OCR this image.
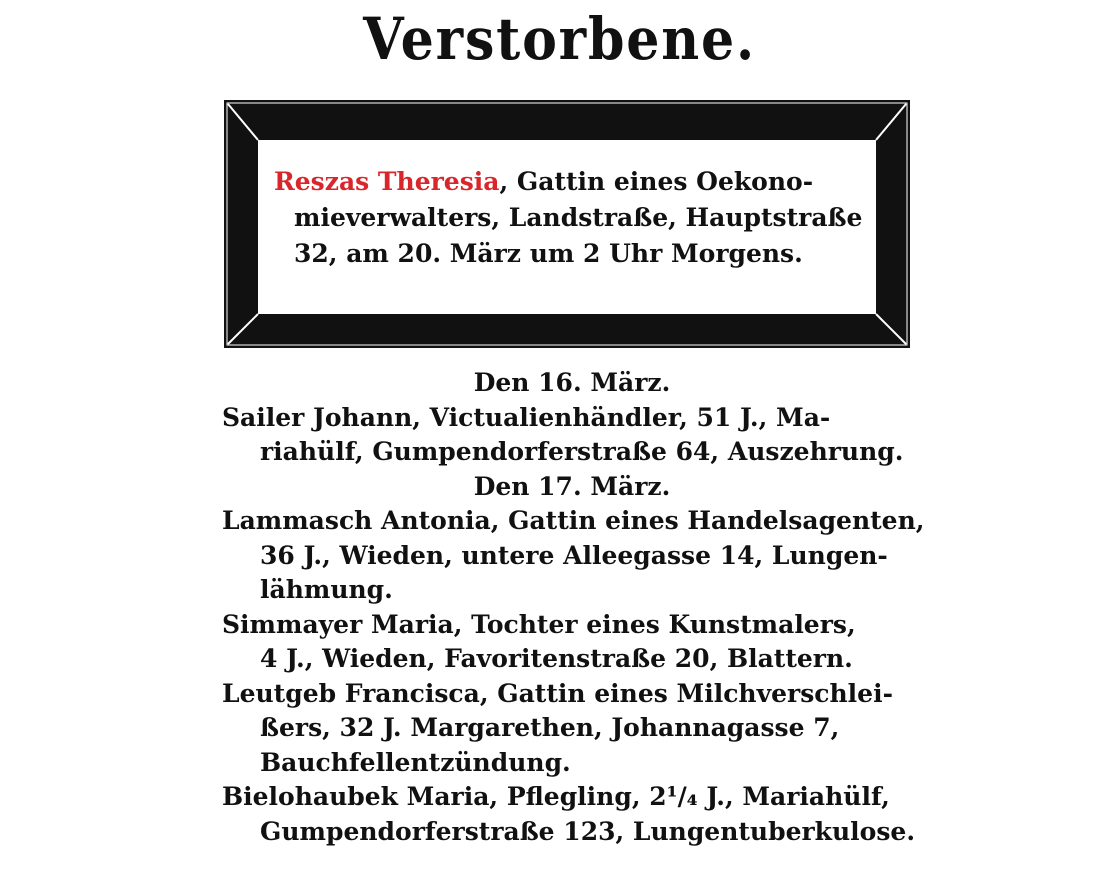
Verstorbene.
Reszas Theresia, Gattin eines Oekono-
mieverwalters, Landstraße, Hauptstraße
32, am 20. März um 2 Uhr Morgens.
Den 16. März.
Sailer Johann, Victualienhändler, 51 J., Ma-
riahülf, Gumpendorferstraße 64, Auszehrung.
Den 17. März.
Lammasch Antonia, Gattin eines Handelsagenten,
36 J., Wieden, untere Alleegasse 14, Lungen-
lähmung.
Simmayer Maria, Tochter eines Kunstmalers,
4 J., Wieden, Favoritenstraße 20, Blattern.
Leutgeb Francisca, Gattin eines Milchverschlei-
ßers, 32 J. Margarethen, Johannagasse 7,
Bauchfellentzündung.
Bielohaubek Maria, Pflegling, 2¹/₄ J., Mariahülf,
Gumpendorferstraße 123, Lungentuberkulose.
